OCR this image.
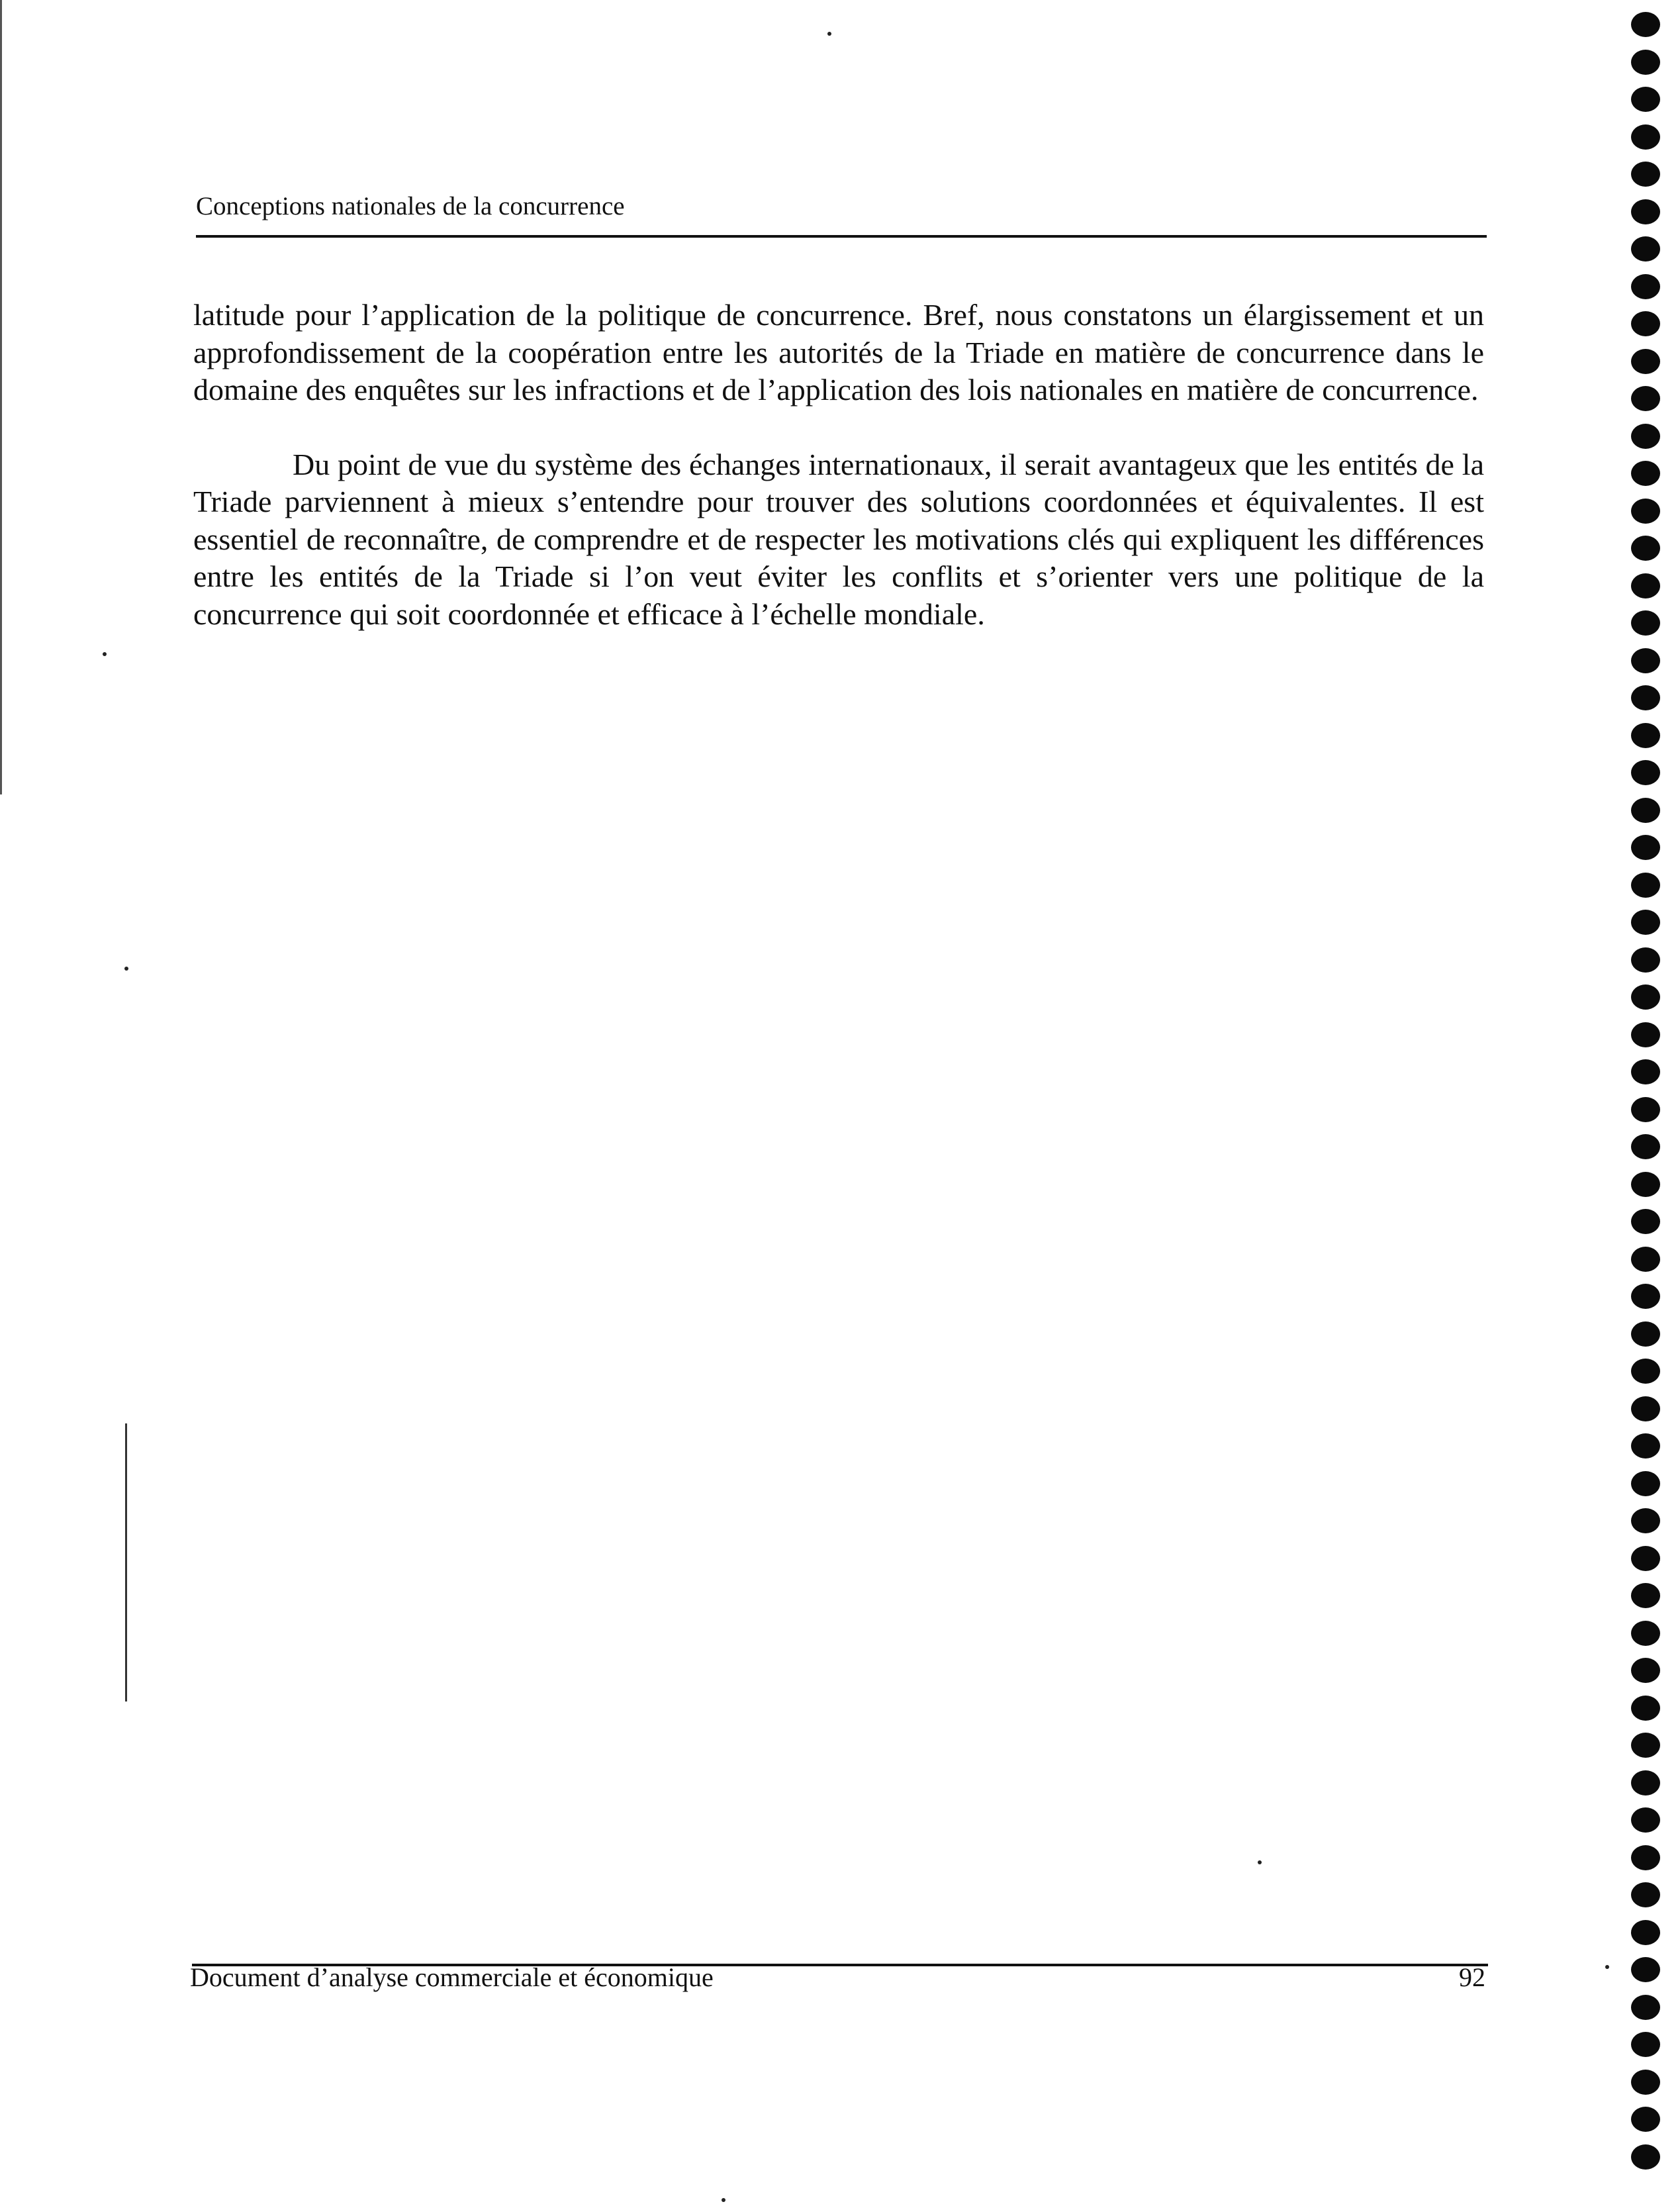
Conceptions nationales de la concurrence

latitude pour l’application de la politique de concurrence. Bref, nous constatons un élargissement et un approfondissement de la coopération entre les autorités de la Triade en matière de concurrence dans le domaine des enquêtes sur les infractions et de l’application des lois nationales en matière de concurrence.

Du point de vue du système des échanges internationaux, il serait avantageux que les entités de la Triade parviennent à mieux s’entendre pour trouver des solutions coordonnées et équivalentes. Il est essentiel de reconnaître, de comprendre et de respecter les motivations clés qui expliquent les différences entre les entités de la Triade si l’on veut éviter les conflits et s’orienter vers une politique de la concurrence qui soit coordonnée et efficace à l’échelle mondiale.

Document d’analyse commerciale et économique	92
